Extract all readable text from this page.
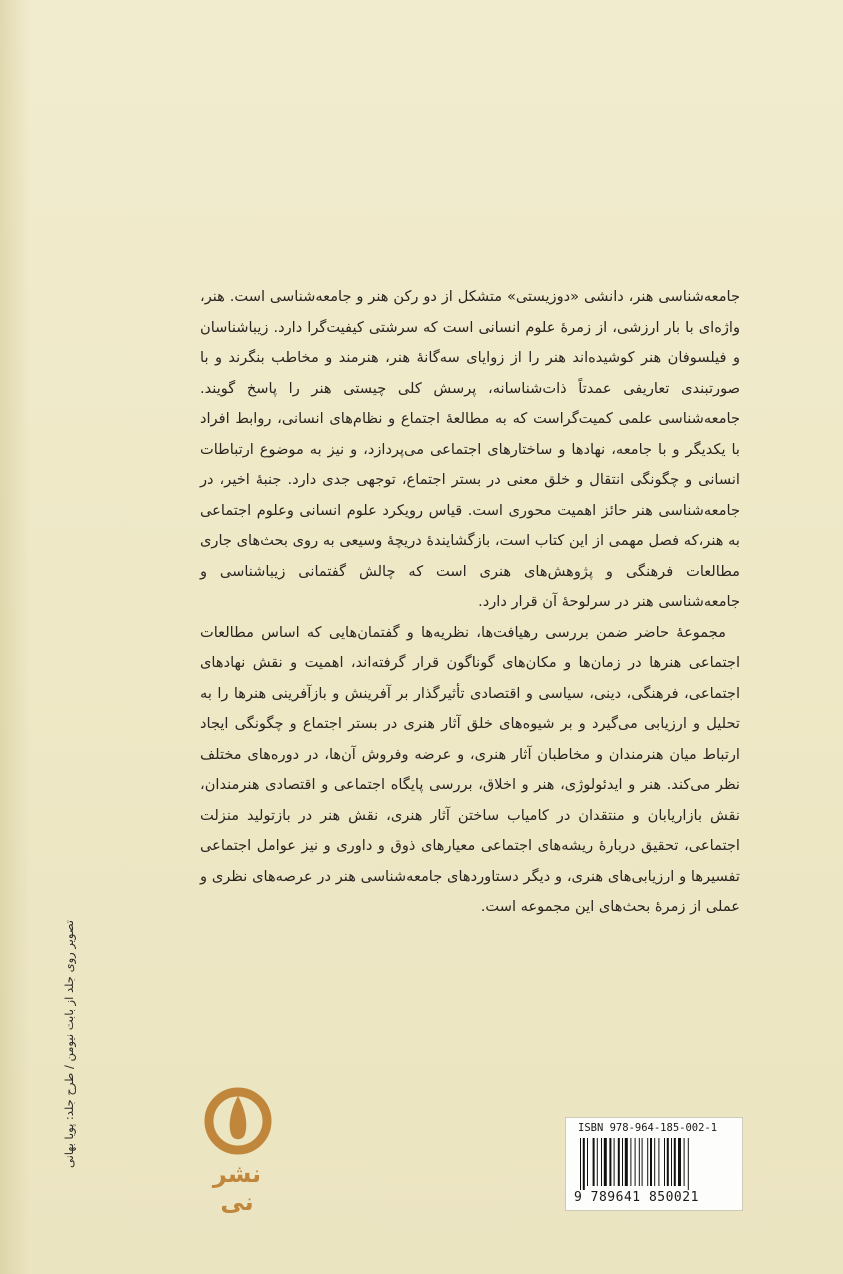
جامعه‌شناسی هنر، دانشی «دوزیستی» متشکل از دو رکن هنر و جامعه‌شناسی است. هنر، واژه‌ای با بار ارزشی، از زمرهٔ علوم انسانی است که سرشتی کیفیت‌گرا دارد. زیباشناسان و فیلسوفان هنر کوشیده‌اند هنر را از زوایای سه‌گانهٔ هنر، هنرمند و مخاطب بنگرند و با صورتبندی تعاریفی عمدتاً ذات‌شناسانه، پرسش کلی چیستی هنر را پاسخ گویند. جامعه‌شناسی علمی کمیت‌گراست که به مطالعهٔ اجتماع و نظام‌های انسانی، روابط افراد با یکدیگر و با جامعه، نهادها و ساختارهای اجتماعی می‌پردازد، و نیز به موضوع ارتباطات انسانی و چگونگی انتقال و خلق معنی در بستر اجتماع، توجهی جدی دارد. جنبهٔ اخیر، در جامعه‌شناسی هنر حائز اهمیت محوری است. قیاس رویکرد علوم انسانی وعلوم اجتماعی به هنر،که فصل مهمی از این کتاب است، بازگشایندهٔ دریچهٔ وسیعی به روی بحث‌های جاری مطالعات فرهنگی و پژوهش‌های هنری است که چالش گفتمانی زیباشناسی و جامعه‌شناسی هنر در سرلوحهٔ آن قرار دارد.

مجموعهٔ حاضر ضمن بررسی رهیافت‌ها، نظریه‌ها و گفتمان‌هایی که اساس مطالعات اجتماعی هنرها در زمان‌ها و مکان‌های گوناگون قرار گرفته‌اند، اهمیت و نقش نهادهای اجتماعی، فرهنگی، دینی، سیاسی و اقتصادی تأثیرگذار بر آفرینش و بازآفرینی هنرها را به تحلیل و ارزیابی می‌گیرد و بر شیوه‌های خلق آثار هنری در بستر اجتماع و چگونگی ایجاد ارتباط میان هنرمندان و مخاطبان آثار هنری، و عرضه وفروش آن‌ها، در دوره‌های مختلف نظر می‌کند. هنر و ایدئولوژی، هنر و اخلاق، بررسی پایگاه اجتماعی و اقتصادی هنرمندان، نقش بازاریابان و منتقدان در کامیاب ساختن آثار هنری، نقش هنر در بازتولید منزلت اجتماعی، تحقیق دربارهٔ ریشه‌های اجتماعی معیارهای ذوق و داوری و نیز عوامل اجتماعی تفسیرها و ارزیابی‌های هنری، و دیگر دستاوردهای جامعه‌شناسی هنر در عرصه‌های نظری و عملی از زمرهٔ بحث‌های این مجموعه است.

تصویر روی جلد از بابت نیومن / طرح جلد: پویا بهانی
نشر نی
ISBN 978-964-185-002-1
9 789641 850021
